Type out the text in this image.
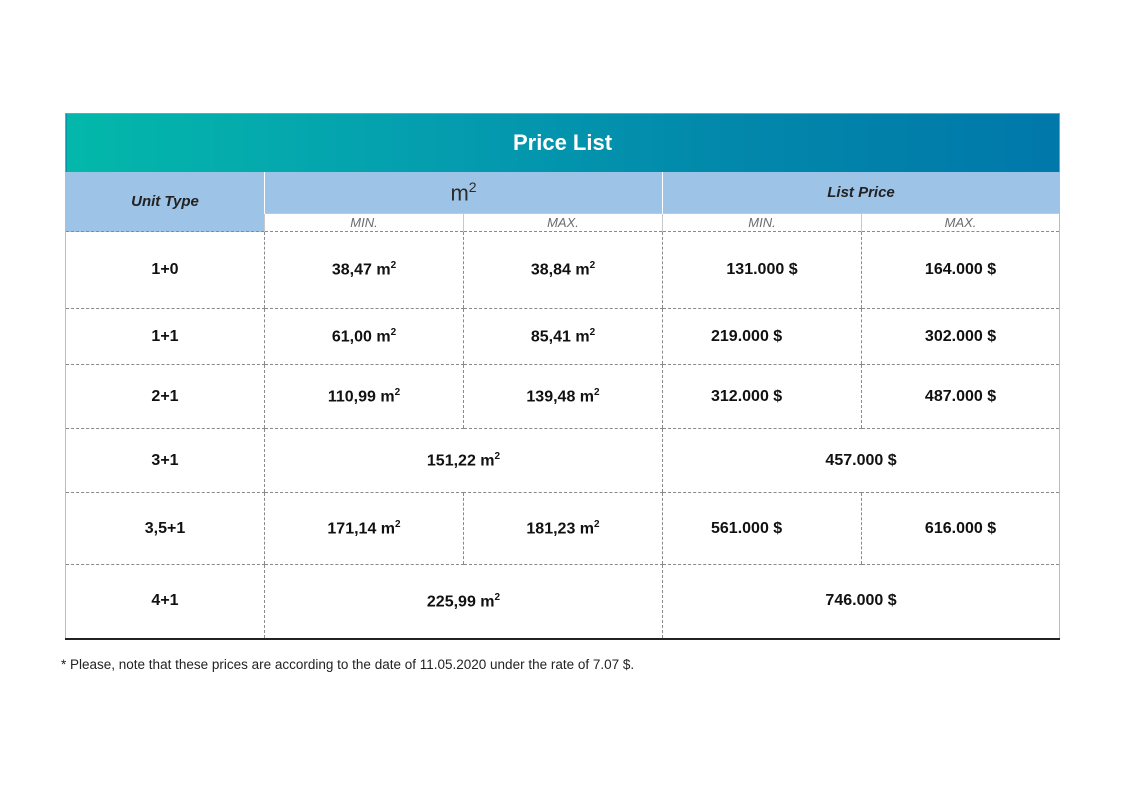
Price List				
Unit Type	$m^2$		List Price	
	MIN.	MAX.	MIN.	MAX.
1+0	38,47 $m^2$	38,84 $m^2$	131.000 $	164.000 $
1+1	61,00 $m^2$	85,41 $m^2$	219.000 $	302.000 $
2+1	110,99 $m^2$	139,48 $m^2$	312.000 $	487.000 $
3+1	151,22 $m^2$		457.000 $	
3,5+1	171,14 $m^2$	181,23 $m^2$	561.000 $	616.000 $
4+1	225,99 $m^2$		746.000 $	
* Please, note that these prices are according to the date of 11.05.2020 under the rate of 7.07 $.
